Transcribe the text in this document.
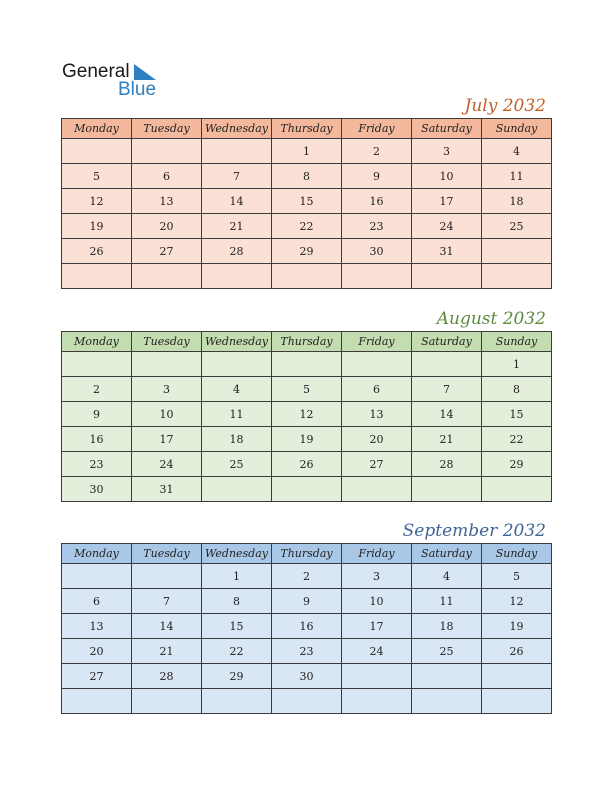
General
Blue
July 2032
Monday	Tuesday	Wednesday	Thursday	Friday	Saturday	Sunday
			1	2	3	4
5	6	7	8	9	10	11
12	13	14	15	16	17	18
19	20	21	22	23	24	25
26	27	28	29	30	31	

August 2032
Monday	Tuesday	Wednesday	Thursday	Friday	Saturday	Sunday
						1
2	3	4	5	6	7	8
9	10	11	12	13	14	15
16	17	18	19	20	21	22
23	24	25	26	27	28	29
30	31					
September 2032
Monday	Tuesday	Wednesday	Thursday	Friday	Saturday	Sunday
		1	2	3	4	5
6	7	8	9	10	11	12
13	14	15	16	17	18	19
20	21	22	23	24	25	26
27	28	29	30			
